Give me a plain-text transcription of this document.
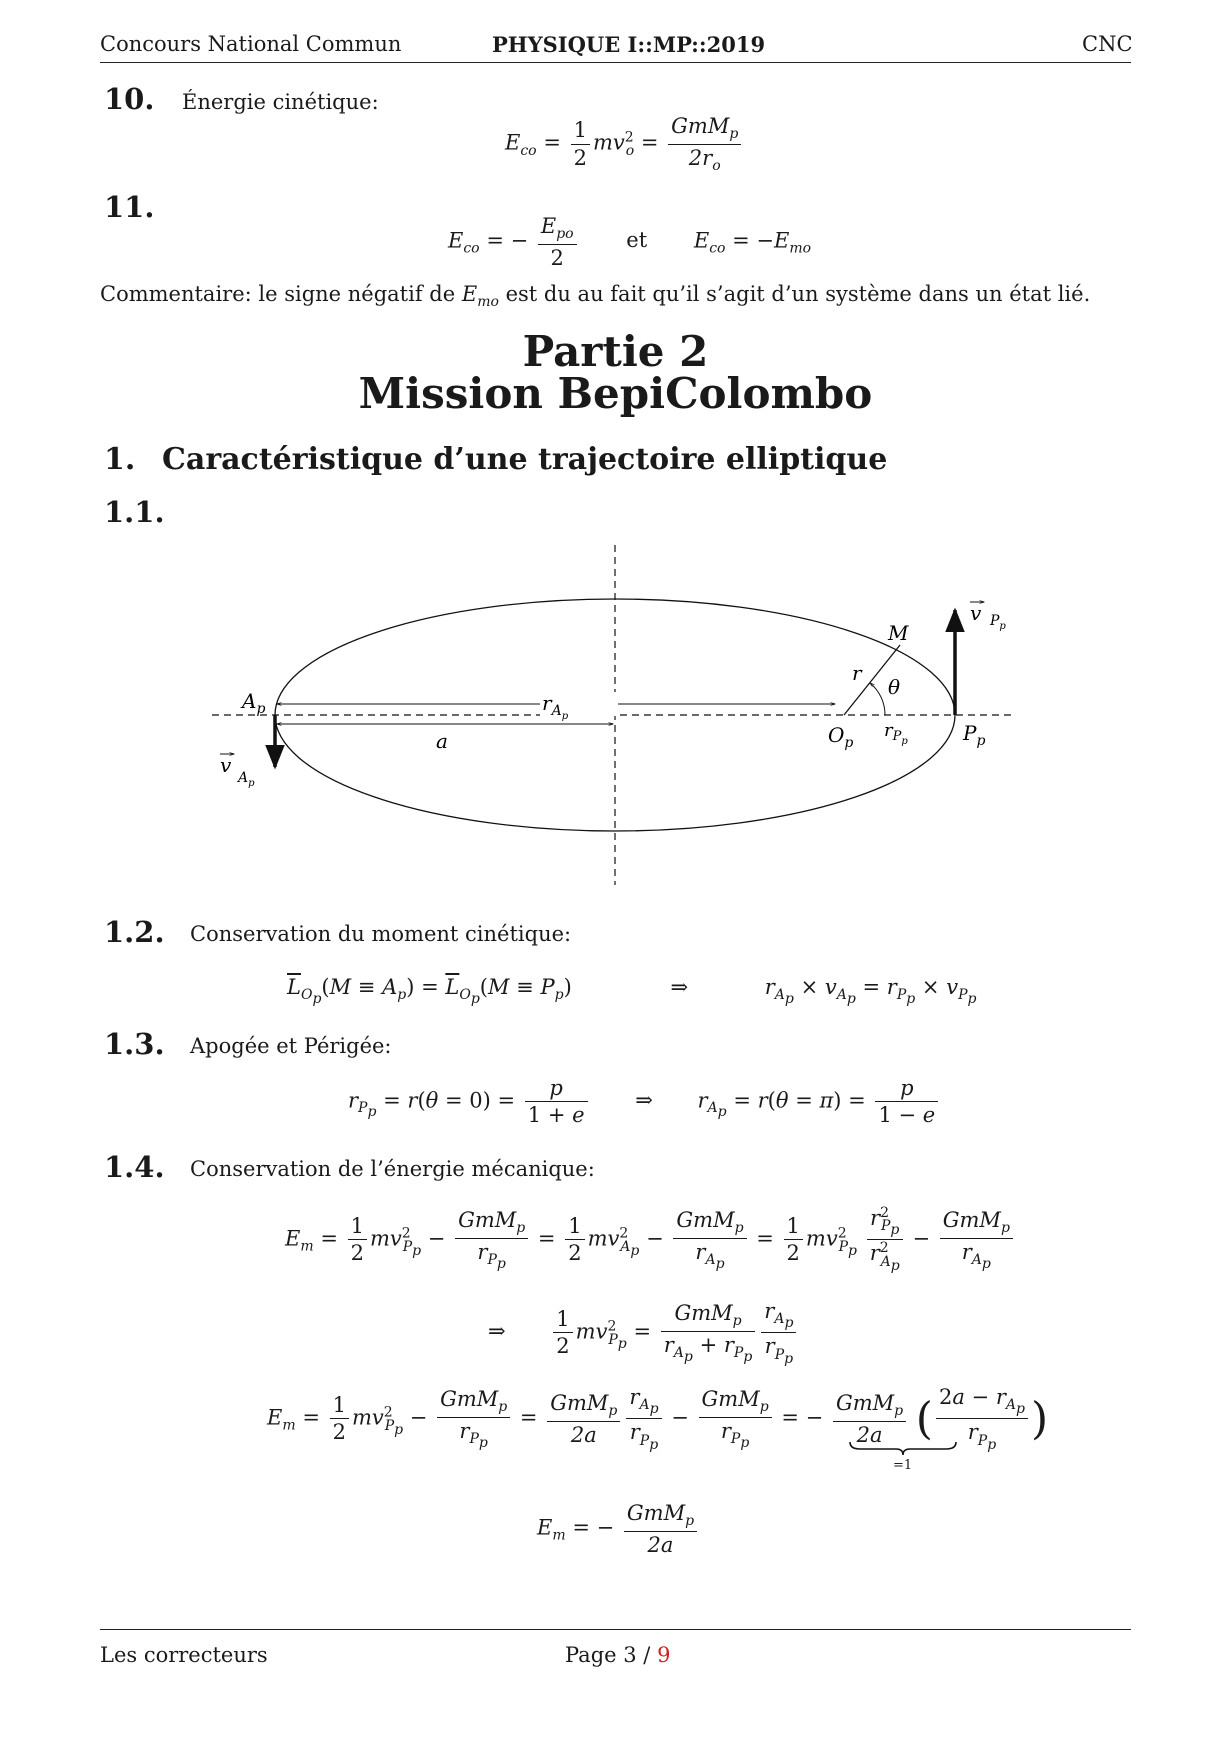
Concours National Commun	PHYSIQUE I::MP::2019	CNC
10. Énergie cinétique:
$E_{co} = \frac{1}{2} mv^2_o = \frac{GmM_p}{2r_o}$
11.
$E_{co}$ = − $\frac{E_{po}}{2}$ et $E_{co} = -E_{mo}$
Commentaire: le signe négatif de $E_{mo}$ est du au fait qu’il s’agit d’un système dans un état lié.
Partie 2
Mission BepiColombo
1. Caractéristique d’une trajectoire elliptique
1.1.
$r_{Ap}$
a
v
$A_p$
$A_p$
v $P_p$
$P_p$
θ
r
M
$O_p$
$r_{Pp}$
1.2. Conservation du moment cinétique:
$\overline{L}_{O_p}(M \equiv A_p) = \overline{L}_{O_p}(M \equiv P_p)$	⇒	$r_{A_p} \times v_{A_p} = r_{P_p} \times v_{P_p}$
1.3. Apogée et Périgée:
$r_{P_p} = r(\theta = 0) = \frac{p}{1 + e}$ ⇒ $r_{A_p} = r(\theta = \pi) = \frac{p}{1 - e}$
1.4. Conservation de l’énergie mécanique:
$E_m = \frac{1}{2} mv^2_{P_p} - \frac{GmM_p}{r_{P_p}} = \frac{1}{2} mv^2_{A_p} - \frac{GmM_p}{r_{A_p}} = \frac{1}{2} mv^2_{P_p} \frac{r^2_{P_p}}{r^2_{A_p}} - \frac{GmM_p}{r_{A_p}}$
⇒ $\frac{1}{2} mv^2_{P_p} = \frac{GmM_p}{r_{A_p} + r_{P_p}} \frac{r_{A_p}}{r_{P_p}}$
$E_m = \frac{1}{2} mv^2_{P_p} - \frac{GmM_p}{r_{P_p}} = \frac{GmM_p}{2a} \frac{r_{A_p}}{r_{P_p}} - \frac{GmM_p}{r_{P_p}}$ = − $\frac{GmM_p}{2a}$ ( $\frac{2a - r_{A_p}}{r_{P_p}}$ )
=1
$E_m$ = − $\frac{GmM_p}{2a}$
Les correcteurs	Page 3 / 9
